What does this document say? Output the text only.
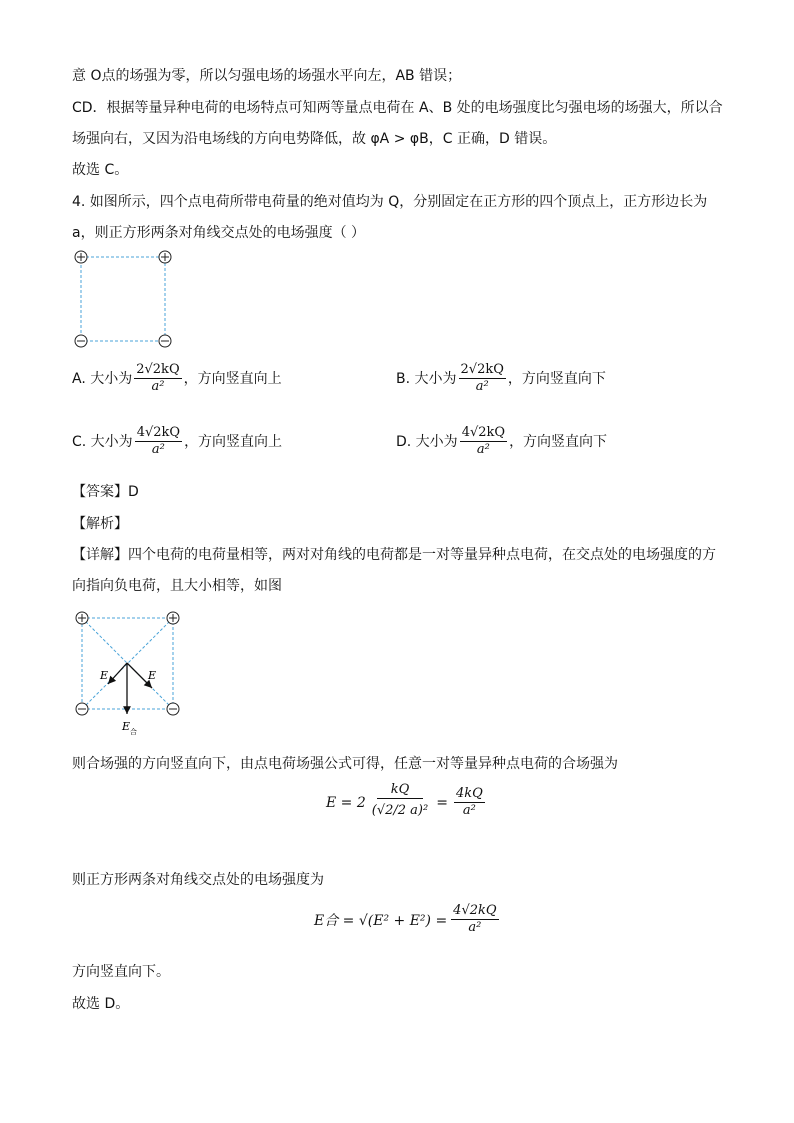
意 O点的场强为零，所以匀强电场的场强水平向左，AB 错误；
CD．根据等量异种电荷的电场特点可知两等量点电荷在 A、B 处的电场强度比匀强电场的场强大，所以合
场强向右，又因为沿电场线的方向电势降低，故 φA > φB，C 正确，D 错误。
故选 C。
4. 如图所示，四个点电荷所带电荷量的绝对值均为 Q，分别固定在正方形的四个顶点上，正方形边长为
a，则正方形两条对角线交点处的电场强度（ ）
A. 大小为 $\frac{2√2kQ}{\text{a²}}$ ，方向竖直向上	B. 大小为 $\frac{2√2kQ}{\text{a²}}$ ，方向竖直向下
C. 大小为 $\frac{4√2kQ}{\text{a²}}$ ，方向竖直向上	D. 大小为 $\frac{4√2kQ}{\text{a²}}$ ，方向竖直向下
【答案】D
【解析】
【详解】四个电荷的电荷量相等，两对对角线的电荷都是一对等量异种点电荷，在交点处的电场强度的方
向指向负电荷，且大小相等，如图
E	E
E 合
则合场强的方向竖直向下，由点电荷场强公式可得，任意一对等量异种点电荷的合场强为
$E = 2 \frac{kQ}{\text{(√2/2 a)²}} = \frac{4kQ}{\text{a²}}$
则正方形两条对角线交点处的电场强度为
E合 = $√(E^2 + E^2) = \frac{4√2kQ}{\text{a²}}$
方向竖直向下。
故选 D。
